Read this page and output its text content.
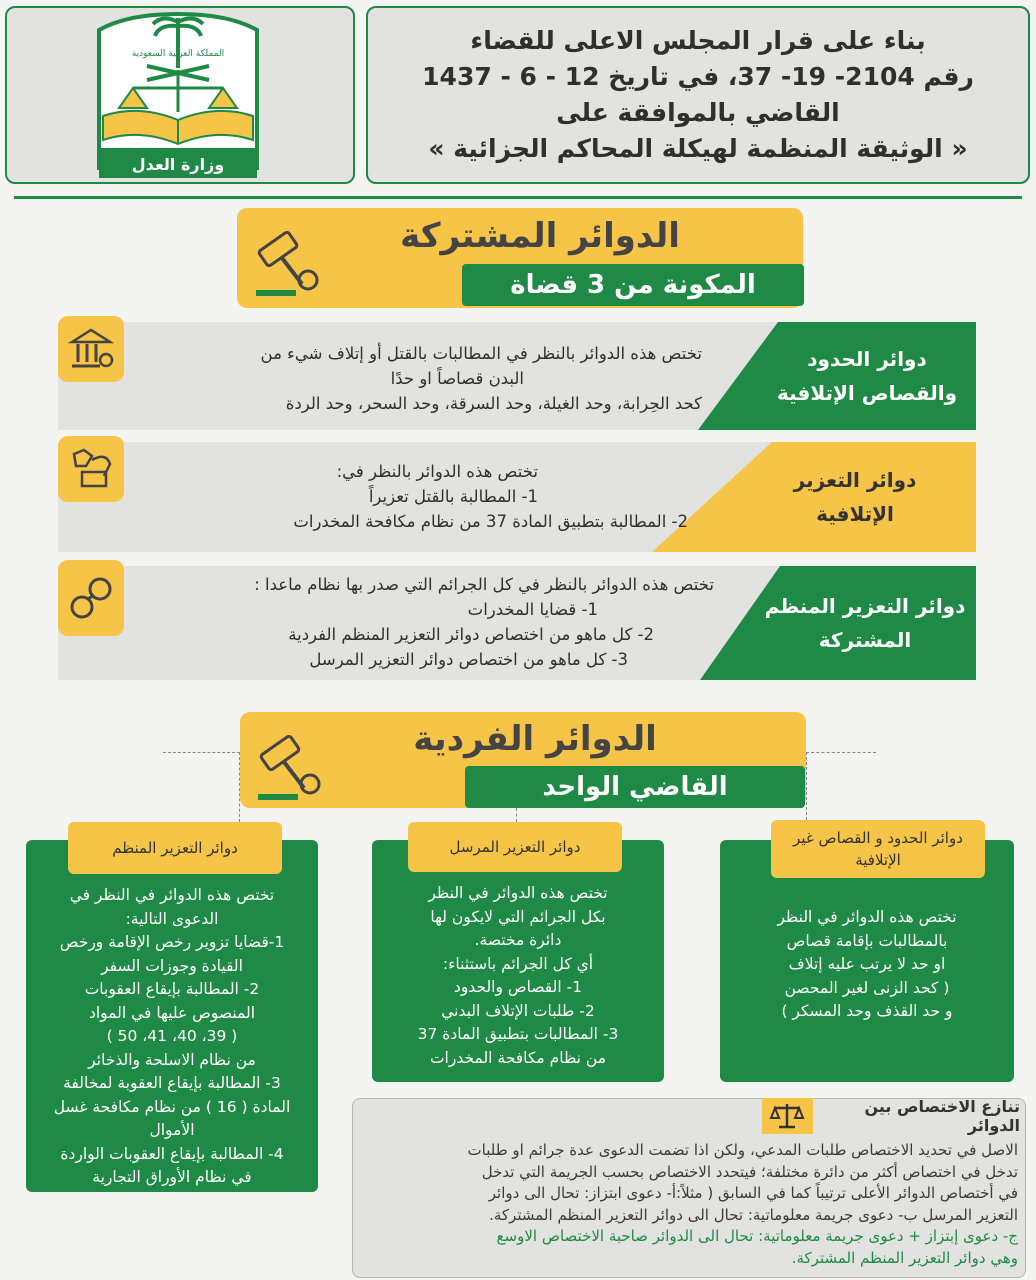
بناء على قرار المجلس الاعلى للقضاء
رقم 2104- 19- 37، في تاريخ 12 - 6 - 1437
القاضي بالموافقة على
« الوثيقة المنظمة لهيكلة المحاكم الجزائية »
المملكة العربية السعودية
وزارة العدل
الدوائر المشتركة
المكونة من 3 قضاة
دوائر الحدود
والقصاص الإتلافية
تختص هذه الدوائر بالنظر في المطالبات بالقتل أو إتلاف شيء من
البدن قصاصاً او حدًا
كحد الحِرابة، وحد الغيلة، وحد السرقة، وحد السحر، وحد الردة
دوائر التعزير
الإتلافية
تختص هذه الدوائر بالنظر في:
1- المطالبة بالقتل تعزيراً
2- المطالبة بتطبيق المادة 37 من نظام مكافحة المخدرات
دوائر التعزير المنظم
المشتركة
تختص هذه الدوائر بالنظر في كل الجرائم التي صدر بها نظام ماعدا :
1- قضايا المخدرات
2- كل ماهو من اختصاص دوائر التعزير المنظم الفردية
3- كل ماهو من اختصاص دوائر التعزير المرسل
الدوائر الفردية
القاضي الواحد
تختص هذه الدوائر في النظر
بالمطالبات بإقامة قصاص
او حد لا يرتب عليه إتلاف
( كحد الزنى لغير المحصن
و حد القذف وحد المسكر )
دوائر الحدود و القصاص غير الإتلافية
تختص هذه الدوائر في النظر
بكل الجرائم التي لايكون لها
دائرة مختصة.
أي كل الجرائم باستثناء:
1- القصاص والحدود
2- طلبات الإتلاف البدني
3- المطالبات بتطبيق المادة 37
من نظام مكافحة المخدرات
دوائر التعزير المرسل
تختص هذه الدوائر في النظر في
الدعوى التالية:
1-قضايا تزوير رخص الإقامة ورخص
القيادة وجوزات السفر
2- المطالبة بإيقاع العقوبات
المنصوص عليها في المواد
( 39، 40، 41، 50 )
من نظام الاسلحة والذخائر
3- المطالبة بإيقاع العقوبة لمخالفة
المادة ( 16 ) من نظام مكافحة غسل
الأموال
4- المطالبة بإيقاع العقوبات الواردة
في نظام الأوراق التجارية
دوائر التعزير المنظم
تنازع الاختصاص بين الدوائر
الاصل في تحديد الاختصاص طلبات المدعي، ولكن اذا تضمت الدعوى عدة جرائم او طلبات
تدخل في اختصاص أكثر من دائرة مختلفة؛ فيتحدد الاختصاص بحسب الجريمة التي تدخل
في أختصاص الدوائر الأعلى ترتيباً كما في السابق ( مثلاً:أ- دعوى ابتزاز: تحال الى دوائر
التعزير المرسل ب- دعوى جريمة معلوماتية: تحال الى دوائر التعزير المنظم المشتركة.
ج- دعوى إبتزاز + دعوى جريمة معلوماتية: تحال الى الدوائر صاحبة الاختصاص الاوسع
وهي دوائر التعزير المنظم المشتركة.
